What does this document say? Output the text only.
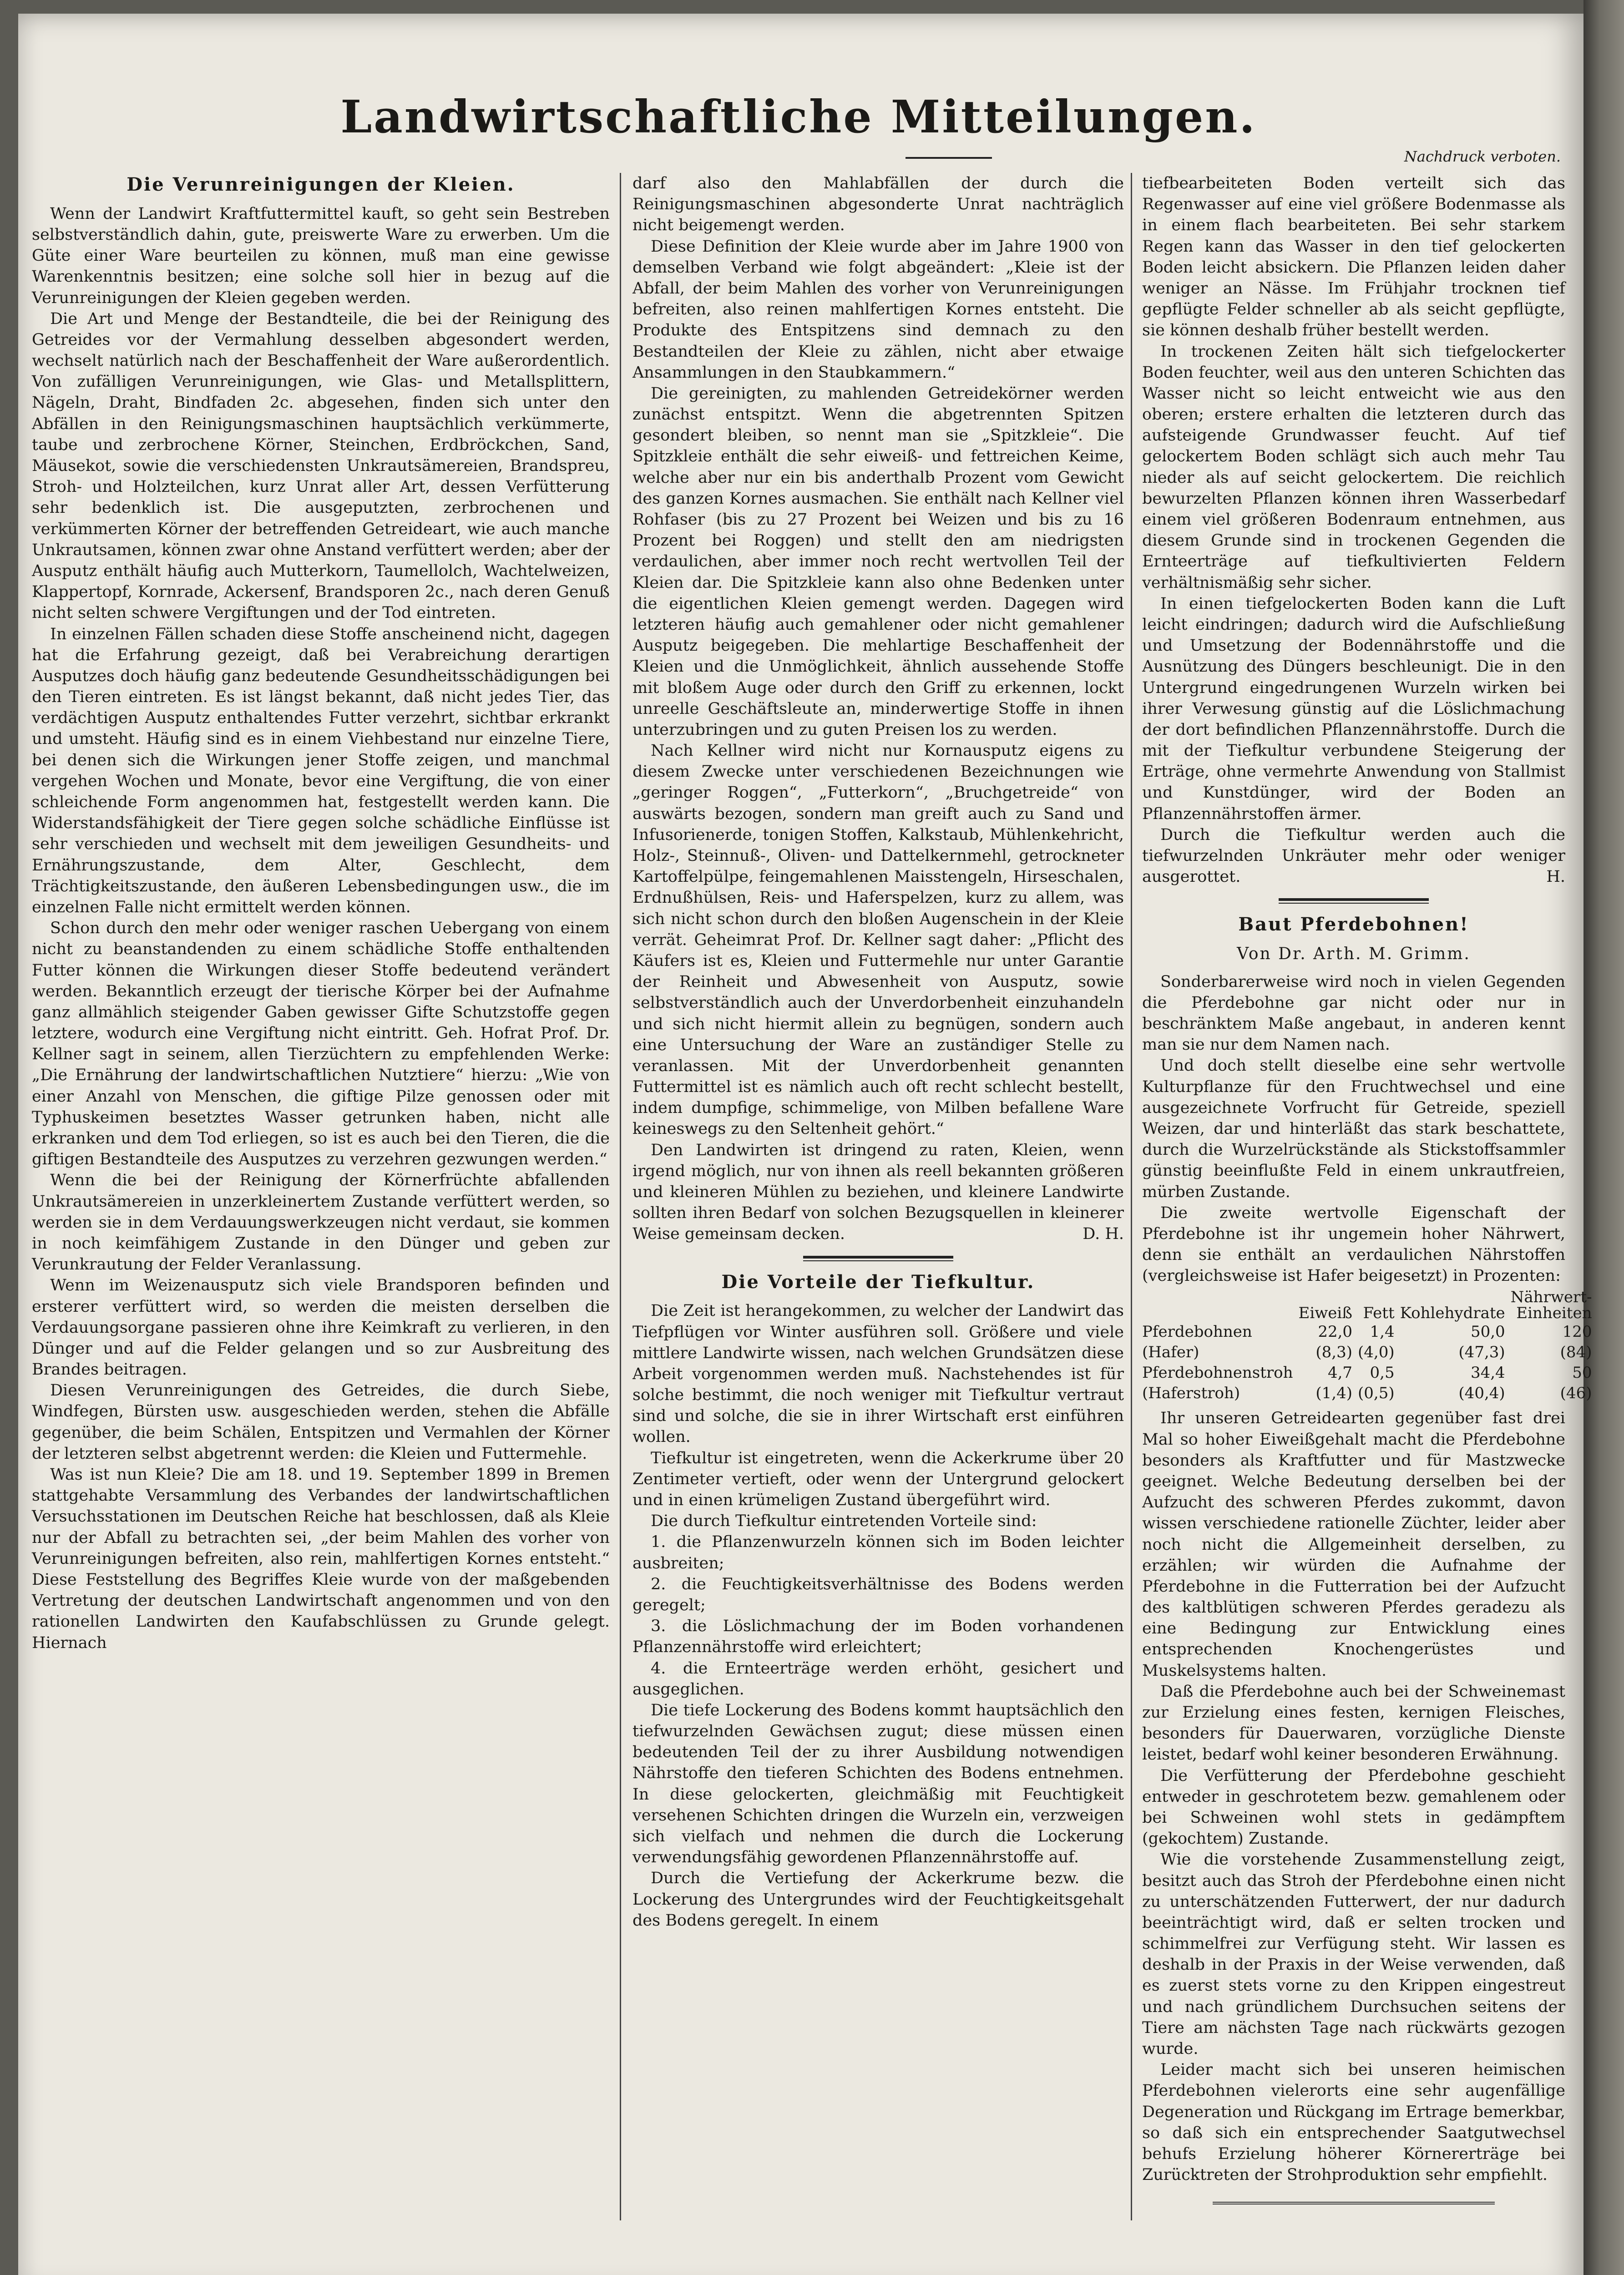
Landwirtschaftliche Mitteilungen.
Nachdruck verboten.
Die Verunreinigungen der Kleien.

Wenn der Landwirt Kraftfuttermittel kauft, so geht sein Bestreben selbstverständlich dahin, gute, preiswerte Ware zu erwerben. Um die Güte einer Ware beurteilen zu können, muß man eine gewisse Warenkenntnis besitzen; eine solche soll hier in bezug auf die Verunreinigungen der Kleien gegeben werden.

Die Art und Menge der Bestandteile, die bei der Reinigung des Getreides vor der Vermahlung desselben abgesondert werden, wechselt natürlich nach der Beschaffenheit der Ware außerordentlich. Von zufälligen Verunreinigungen, wie Glas- und Metallsplittern, Nägeln, Draht, Bindfaden 2c. abgesehen, finden sich unter den Abfällen in den Reinigungsmaschinen hauptsächlich verkümmerte, taube und zerbrochene Körner, Steinchen, Erdbröckchen, Sand, Mäusekot, sowie die verschiedensten Unkrautsämereien, Brandspreu, Stroh- und Holzteilchen, kurz Unrat aller Art, dessen Verfütterung sehr bedenklich ist. Die ausgeputzten, zerbrochenen und verkümmerten Körner der betreffenden Getreideart, wie auch manche Unkrautsamen, können zwar ohne Anstand verfüttert werden; aber der Ausputz enthält häufig auch Mutterkorn, Taumellolch, Wachtelweizen, Klappertopf, Kornrade, Ackersenf, Brandsporen 2c., nach deren Genuß nicht selten schwere Vergiftungen und der Tod eintreten.

In einzelnen Fällen schaden diese Stoffe anscheinend nicht, dagegen hat die Erfahrung gezeigt, daß bei Verabreichung derartigen Ausputzes doch häufig ganz bedeutende Gesundheitsschädigungen bei den Tieren eintreten. Es ist längst bekannt, daß nicht jedes Tier, das verdächtigen Ausputz enthaltendes Futter verzehrt, sichtbar erkrankt und umsteht. Häufig sind es in einem Viehbestand nur einzelne Tiere, bei denen sich die Wirkungen jener Stoffe zeigen, und manchmal vergehen Wochen und Monate, bevor eine Vergiftung, die von einer schleichende Form angenommen hat, festgestellt werden kann. Die Widerstandsfähigkeit der Tiere gegen solche schädliche Einflüsse ist sehr verschieden und wechselt mit dem jeweiligen Gesundheits- und Ernährungszustande, dem Alter, Geschlecht, dem Trächtigkeitszustande, den äußeren Lebensbedingungen usw., die im einzelnen Falle nicht ermittelt werden können.

Schon durch den mehr oder weniger raschen Uebergang von einem nicht zu beanstandenden zu einem schädliche Stoffe enthaltenden Futter können die Wirkungen dieser Stoffe bedeutend verändert werden. Bekanntlich erzeugt der tierische Körper bei der Aufnahme ganz allmählich steigender Gaben gewisser Gifte Schutzstoffe gegen letztere, wodurch eine Vergiftung nicht eintritt. Geh. Hofrat Prof. Dr. Kellner sagt in seinem, allen Tierzüchtern zu empfehlenden Werke: „Die Ernährung der landwirtschaftlichen Nutztiere“ hierzu: „Wie von einer Anzahl von Menschen, die giftige Pilze genossen oder mit Typhuskeimen besetztes Wasser getrunken haben, nicht alle erkranken und dem Tod erliegen, so ist es auch bei den Tieren, die die giftigen Bestandteile des Ausputzes zu verzehren gezwungen werden.“

Wenn die bei der Reinigung der Körnerfrüchte abfallenden Unkrautsämereien in unzerkleinertem Zustande verfüttert werden, so werden sie in dem Verdauungswerkzeugen nicht verdaut, sie kommen in noch keimfähigem Zustande in den Dünger und geben zur Verunkrautung der Felder Veranlassung.

Wenn im Weizenausputz sich viele Brandsporen befinden und ersterer verfüttert wird, so werden die meisten derselben die Verdauungsorgane passieren ohne ihre Keimkraft zu verlieren, in den Dünger und auf die Felder gelangen und so zur Ausbreitung des Brandes beitragen.

Diesen Verunreinigungen des Getreides, die durch Siebe, Windfegen, Bürsten usw. ausgeschieden werden, stehen die Abfälle gegenüber, die beim Schälen, Entspitzen und Vermahlen der Körner der letzteren selbst abgetrennt werden: die Kleien und Futtermehle.

Was ist nun Kleie? Die am 18. und 19. September 1899 in Bremen stattgehabte Versammlung des Verbandes der landwirtschaftlichen Versuchsstationen im Deutschen Reiche hat beschlossen, daß als Kleie nur der Abfall zu betrachten sei, „der beim Mahlen des vorher von Verunreinigungen befreiten, also rein, mahlfertigen Kornes entsteht.“ Diese Feststellung des Begriffes Kleie wurde von der maßgebenden Vertretung der deutschen Landwirtschaft angenommen und von den rationellen Landwirten den Kaufabschlüssen zu Grunde gelegt. Hiernach

darf also den Mahlabfällen der durch die Reinigungsmaschinen abgesonderte Unrat nachträglich nicht beigemengt werden.

Diese Definition der Kleie wurde aber im Jahre 1900 von demselben Verband wie folgt abgeändert: „Kleie ist der Abfall, der beim Mahlen des vorher von Verunreinigungen befreiten, also reinen mahlfertigen Kornes entsteht. Die Produkte des Entspitzens sind demnach zu den Bestandteilen der Kleie zu zählen, nicht aber etwaige Ansammlungen in den Staubkammern.“

Die gereinigten, zu mahlenden Getreidekörner werden zunächst entspitzt. Wenn die abgetrennten Spitzen gesondert bleiben, so nennt man sie „Spitzkleie“. Die Spitzkleie enthält die sehr eiweiß- und fettreichen Keime, welche aber nur ein bis anderthalb Prozent vom Gewicht des ganzen Kornes ausmachen. Sie enthält nach Kellner viel Rohfaser (bis zu 27 Prozent bei Weizen und bis zu 16 Prozent bei Roggen) und stellt den am niedrigsten verdaulichen, aber immer noch recht wertvollen Teil der Kleien dar. Die Spitzkleie kann also ohne Bedenken unter die eigentlichen Kleien gemengt werden. Dagegen wird letzteren häufig auch gemahlener oder nicht gemahlener Ausputz beigegeben. Die mehlartige Beschaffenheit der Kleien und die Unmöglichkeit, ähnlich aussehende Stoffe mit bloßem Auge oder durch den Griff zu erkennen, lockt unreelle Geschäftsleute an, minderwertige Stoffe in ihnen unterzubringen und zu guten Preisen los zu werden.

Nach Kellner wird nicht nur Kornausputz eigens zu diesem Zwecke unter verschiedenen Bezeichnungen wie „geringer Roggen“, „Futterkorn“, „Bruchgetreide“ von auswärts bezogen, sondern man greift auch zu Sand und Infusorienerde, tonigen Stoffen, Kalkstaub, Mühlenkehricht, Holz-, Steinnuß-, Oliven- und Dattelkernmehl, getrockneter Kartoffelpülpe, feingemahlenen Maisstengeln, Hirseschalen, Erdnußhülsen, Reis- und Haferspelzen, kurz zu allem, was sich nicht schon durch den bloßen Augenschein in der Kleie verrät. Geheimrat Prof. Dr. Kellner sagt daher: „Pflicht des Käufers ist es, Kleien und Futtermehle nur unter Garantie der Reinheit und Abwesenheit von Ausputz, sowie selbstverständlich auch der Unverdorbenheit einzuhandeln und sich nicht hiermit allein zu begnügen, sondern auch eine Untersuchung der Ware an zuständiger Stelle zu veranlassen. Mit der Unverdorbenheit genannten Futtermittel ist es nämlich auch oft recht schlecht bestellt, indem dumpfige, schimmelige, von Milben befallene Ware keineswegs zu den Seltenheit gehört.“

Den Landwirten ist dringend zu raten, Kleien, wenn irgend möglich, nur von ihnen als reell bekannten größeren und kleineren Mühlen zu beziehen, und kleinere Landwirte sollten ihren Bedarf von solchen Bezugsquellen in kleinerer Weise gemeinsam decken.	D. H.

Die Vorteile der Tiefkultur.

Die Zeit ist herangekommen, zu welcher der Landwirt das Tiefpflügen vor Winter ausführen soll. Größere und viele mittlere Landwirte wissen, nach welchen Grundsätzen diese Arbeit vorgenommen werden muß. Nachstehendes ist für solche bestimmt, die noch weniger mit Tiefkultur vertraut sind und solche, die sie in ihrer Wirtschaft erst einführen wollen.

Tiefkultur ist eingetreten, wenn die Ackerkrume über 20 Zentimeter vertieft, oder wenn der Untergrund gelockert und in einen krümeligen Zustand übergeführt wird.

Die durch Tiefkultur eintretenden Vorteile sind:

1. die Pflanzenwurzeln können sich im Boden leichter ausbreiten;

2. die Feuchtigkeitsverhältnisse des Bodens werden geregelt;

3. die Löslichmachung der im Boden vorhandenen Pflanzennährstoffe wird erleichtert;

4. die Ernteerträge werden erhöht, gesichert und ausgeglichen.

Die tiefe Lockerung des Bodens kommt hauptsächlich den tiefwurzelnden Gewächsen zugut; diese müssen einen bedeutenden Teil der zu ihrer Ausbildung notwendigen Nährstoffe den tieferen Schichten des Bodens entnehmen. In diese gelockerten, gleichmäßig mit Feuchtigkeit versehenen Schichten dringen die Wurzeln ein, verzweigen sich vielfach und nehmen die durch die Lockerung verwendungsfähig gewordenen Pflanzennährstoffe auf.

Durch die Vertiefung der Ackerkrume bezw. die Lockerung des Untergrundes wird der Feuchtigkeitsgehalt des Bodens geregelt. In einem

tiefbearbeiteten Boden verteilt sich das Regenwasser auf eine viel größere Bodenmasse als in einem flach bearbeiteten. Bei sehr starkem Regen kann das Wasser in den tief gelockerten Boden leicht absickern. Die Pflanzen leiden daher weniger an Nässe. Im Frühjahr trocknen tief gepflügte Felder schneller ab als seicht gepflügte, sie können deshalb früher bestellt werden.

In trockenen Zeiten hält sich tiefgelockerter Boden feuchter, weil aus den unteren Schichten das Wasser nicht so leicht entweicht wie aus den oberen; erstere erhalten die letzteren durch das aufsteigende Grundwasser feucht. Auf tief gelockertem Boden schlägt sich auch mehr Tau nieder als auf seicht gelockertem. Die reichlich bewurzelten Pflanzen können ihren Wasserbedarf einem viel größeren Bodenraum entnehmen, aus diesem Grunde sind in trockenen Gegenden die Ernteerträge auf tiefkultivierten Feldern verhältnismäßig sehr sicher.

In einen tiefgelockerten Boden kann die Luft leicht eindringen; dadurch wird die Aufschließung und Umsetzung der Bodennährstoffe und die Ausnützung des Düngers beschleunigt. Die in den Untergrund eingedrungenen Wurzeln wirken bei ihrer Verwesung günstig auf die Löslichmachung der dort befindlichen Pflanzennährstoffe. Durch die mit der Tiefkultur verbundene Steigerung der Erträge, ohne vermehrte Anwendung von Stallmist und Kunstdünger, wird der Boden an Pflanzennährstoffen ärmer.

Durch die Tiefkultur werden auch die tiefwurzelnden Unkräuter mehr oder weniger ausgerottet.	H.

Baut Pferdebohnen!
Von Dr. Arth. M. Grimm.

Sonderbarerweise wird noch in vielen Gegenden die Pferdebohne gar nicht oder nur in beschränktem Maße angebaut, in anderen kennt man sie nur dem Namen nach.

Und doch stellt dieselbe eine sehr wertvolle Kulturpflanze für den Fruchtwechsel und eine ausgezeichnete Vorfrucht für Getreide, speziell Weizen, dar und hinterläßt das stark beschattete, durch die Wurzelrückstände als Stickstoffsammler günstig beeinflußte Feld in einem unkrautfreien, mürben Zustande.

Die zweite wertvolle Eigenschaft der Pferdebohne ist ihr ungemein hoher Nährwert, denn sie enthält an verdaulichen Nährstoffen (vergleichsweise ist Hafer beigesetzt) in Prozenten:

	Eiweiß	Fett	Kohlehydrate	Nährwert-Einheiten
Pferdebohnen	22,0	1,4	50,0	120
(Hafer)	(8,3)	(4,0)	(47,3)	(84)
Pferdebohnenstroh	4,7	0,5	34,4	50
(Haferstroh)	(1,4)	(0,5)	(40,4)	(46)

Ihr unseren Getreidearten gegenüber fast drei Mal so hoher Eiweißgehalt macht die Pferdebohne besonders als Kraftfutter und für Mastzwecke geeignet. Welche Bedeutung derselben bei der Aufzucht des schweren Pferdes zukommt, davon wissen verschiedene rationelle Züchter, leider aber noch nicht die Allgemeinheit derselben, zu erzählen; wir würden die Aufnahme der Pferdebohne in die Futterration bei der Aufzucht des kaltblütigen schweren Pferdes geradezu als eine Bedingung zur Entwicklung eines entsprechenden Knochengerüstes und Muskelsystems halten.

Daß die Pferdebohne auch bei der Schweinemast zur Erzielung eines festen, kernigen Fleisches, besonders für Dauerwaren, vorzügliche Dienste leistet, bedarf wohl keiner besonderen Erwähnung.

Die Verfütterung der Pferdebohne geschieht entweder in geschrotetem bezw. gemahlenem oder bei Schweinen wohl stets in gedämpftem (gekochtem) Zustande.

Wie die vorstehende Zusammenstellung zeigt, besitzt auch das Stroh der Pferdebohne einen nicht zu unterschätzenden Futterwert, der nur dadurch beeinträchtigt wird, daß er selten trocken und schimmelfrei zur Verfügung steht. Wir lassen es deshalb in der Praxis in der Weise verwenden, daß es zuerst stets vorne zu den Krippen eingestreut und nach gründlichem Durchsuchen seitens der Tiere am nächsten Tage nach rückwärts gezogen wurde.

Leider macht sich bei unseren heimischen Pferdebohnen vielerorts eine sehr augenfällige Degeneration und Rückgang im Ertrage bemerkbar, so daß sich ein entsprechender Saatgutwechsel behufs Erzielung höherer Körnererträge bei Zurücktreten der Strohproduktion sehr empfiehlt.
